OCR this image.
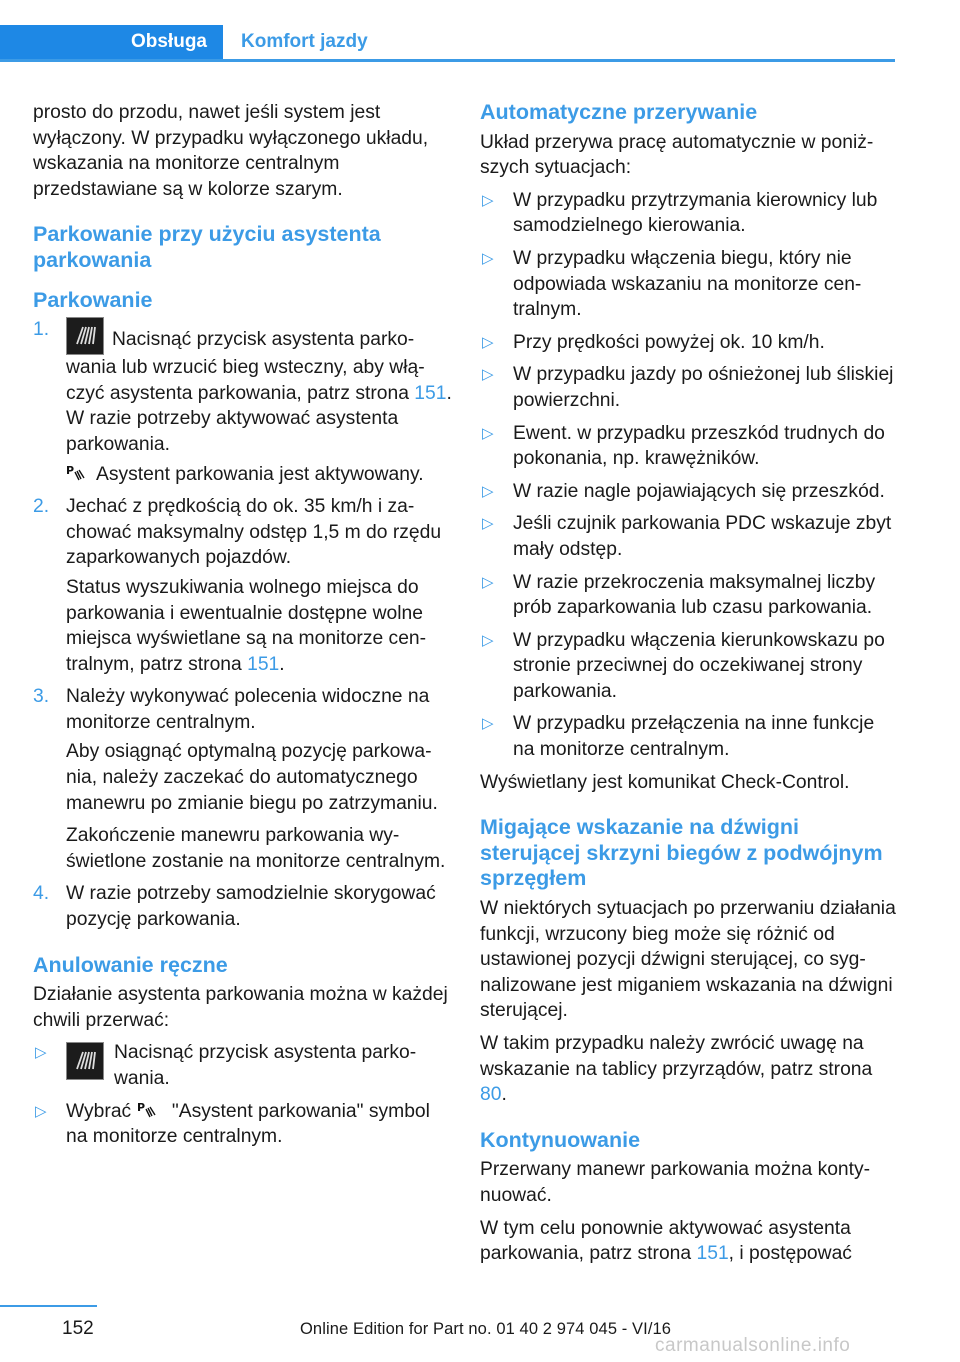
Obsługa	Komfort jazdy

prosto do przodu, nawet jeśli system jest wyłączony. W przypadku wyłączonego układu, wskazania na monitorze centralnym przedstawiane są w kolorze szarym.

Parkowanie przy użyciu asystenta parkowania
Parkowanie
1.	Nacisnąć przycisk asystenta parkowania lub wrzucić bieg wsteczny, aby włączyć asystenta parkowania, patrz strona 151. W razie potrzeby aktywować asystenta parkowania.
P Asystent parkowania jest aktywowany.
2. Jechać z prędkością do ok. 35 km/h i zachować maksymalny odstęp 1,5 m do rzędu zaparkowanych pojazdów.
Status wyszukiwania wolnego miejsca do parkowania i ewentualnie dostępne wolne miejsca wyświetlane są na monitorze centralnym, patrz strona 151.
3. Należy wykonywać polecenia widoczne na monitorze centralnym.
Aby osiągnąć optymalną pozycję parkowania, należy zaczekać do automatycznego manewru po zmianie biegu po zatrzymaniu.
Zakończenie manewru parkowania wyświetlone zostanie na monitorze centralnym.
4. W razie potrzeby samodzielnie skorygować pozycję parkowania.
Anulowanie ręczne

Działanie asystenta parkowania można w każdej chwili przerwać:

▷	Nacisnąć przycisk asystenta parkowania.
▷ Wybrać P "Asystent parkowania" symbol na monitorze centralnym.
Automatyczne przerywanie

Układ przerywa pracę automatycznie w poniższych sytuacjach:

▷ W przypadku przytrzymania kierownicy lub samodzielnego kierowania.
▷ W przypadku włączenia biegu, który nie odpowiada wskazaniu na monitorze centralnym.
▷ Przy prędkości powyżej ok. 10 km/h.
▷ W przypadku jazdy po ośnieżonej lub śliskiej powierzchni.
▷ Ewent. w przypadku przeszkód trudnych do pokonania, np. krawężników.
▷ W razie nagle pojawiających się przeszkód.
▷ Jeśli czujnik parkowania PDC wskazuje zbyt mały odstęp.
▷ W razie przekroczenia maksymalnej liczby prób zaparkowania lub czasu parkowania.
▷ W przypadku włączenia kierunkowskazu po stronie przeciwnej do oczekiwanej strony parkowania.
▷ W przypadku przełączenia na inne funkcje na monitorze centralnym.

Wyświetlany jest komunikat Check-Control.

Migające wskazanie na dźwigni sterującej skrzyni biegów z podwójnym sprzęgłem

W niektórych sytuacjach po przerwaniu działania funkcji, wrzucony bieg może się różnić od ustawionej pozycji dźwigni sterującej, co sygnalizowane jest miganiem wskazania na dźwigni sterującej.

W takim przypadku należy zwrócić uwagę na wskazanie na tablicy przyrządów, patrz strona 80.

Kontynuowanie

Przerwany manewr parkowania można kontynuować.

W tym celu ponownie aktywować asystenta parkowania, patrz strona 151, i postępować

152	Online Edition for Part no. 01 40 2 974 045 - VI/16
carmanualsonline.info
